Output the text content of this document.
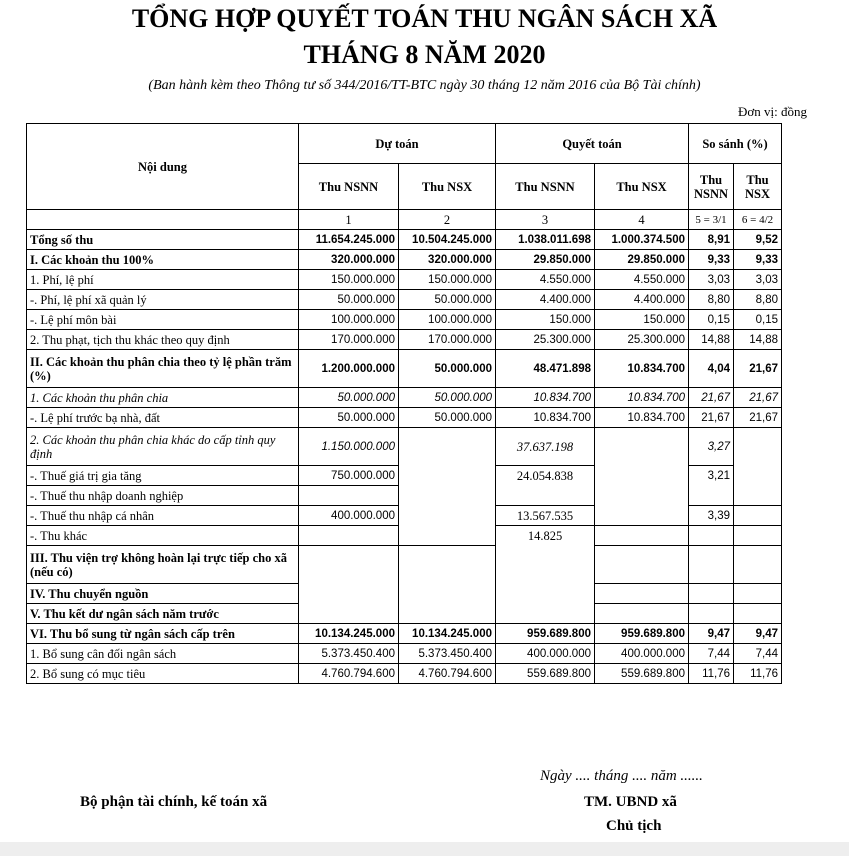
TỔNG HỢP QUYẾT TOÁN THU NGÂN SÁCH XÃ
THÁNG 8 NĂM 2020
(Ban hành kèm theo Thông tư số 344/2016/TT-BTC ngày 30 tháng 12 năm 2016 của Bộ Tài chính)
Đơn vị: đồng
Nội dung	Dự toán		Quyết toán		So sánh (%)	
	Thu NSNN	Thu NSX	Thu NSNN	Thu NSX	Thu NSNN	Thu NSX
	1	2	3	4	5 = 3/1	6 = 4/2
Tổng số thu	11.654.245.000	10.504.245.000	1.038.011.698	1.000.374.500	8,91	9,52
I. Các khoản thu 100%	320.000.000	320.000.000	29.850.000	29.850.000	9,33	9,33
1. Phí, lệ phí	150.000.000	150.000.000	4.550.000	4.550.000	3,03	3,03
-. Phí, lệ phí xã quản lý	50.000.000	50.000.000	4.400.000	4.400.000	8,80	8,80
-. Lệ phí môn bài	100.000.000	100.000.000	150.000	150.000	0,15	0,15
2. Thu phạt, tịch thu khác theo quy định	170.000.000	170.000.000	25.300.000	25.300.000	14,88	14,88
II. Các khoản thu phân chia theo tỷ lệ phần trăm (%)	1.200.000.000	50.000.000	48.471.898	10.834.700	4,04	21,67
1. Các khoản thu phân chia	50.000.000	50.000.000	10.834.700	10.834.700	21,67	21,67
-. Lệ phí trước bạ nhà, đất	50.000.000	50.000.000	10.834.700	10.834.700	21,67	21,67
2. Các khoản thu phân chia khác do cấp tỉnh quy định	1.150.000.000		37.637.198		3,27	
-. Thuế giá trị gia tăng	750.000.000		24.054.838		3,21	
-. Thuế thu nhập doanh nghiệp						
-. Thuế thu nhập cá nhân	400.000.000		13.567.535		3,39	
-. Thu khác			14.825			
III. Thu viện trợ không hoàn lại trực tiếp cho xã (nếu có)						
IV. Thu chuyển nguồn						
V. Thu kết dư ngân sách năm trước						
VI. Thu bổ sung từ ngân sách cấp trên	10.134.245.000	10.134.245.000	959.689.800	959.689.800	9,47	9,47
1. Bổ sung cân đối ngân sách	5.373.450.400	5.373.450.400	400.000.000	400.000.000	7,44	7,44
2. Bổ sung có mục tiêu	4.760.794.600	4.760.794.600	559.689.800	559.689.800	11,76	11,76
Ngày .... tháng .... năm ......
Bộ phận tài chính, kế toán xã	TM. UBND xã
Chủ tịch
